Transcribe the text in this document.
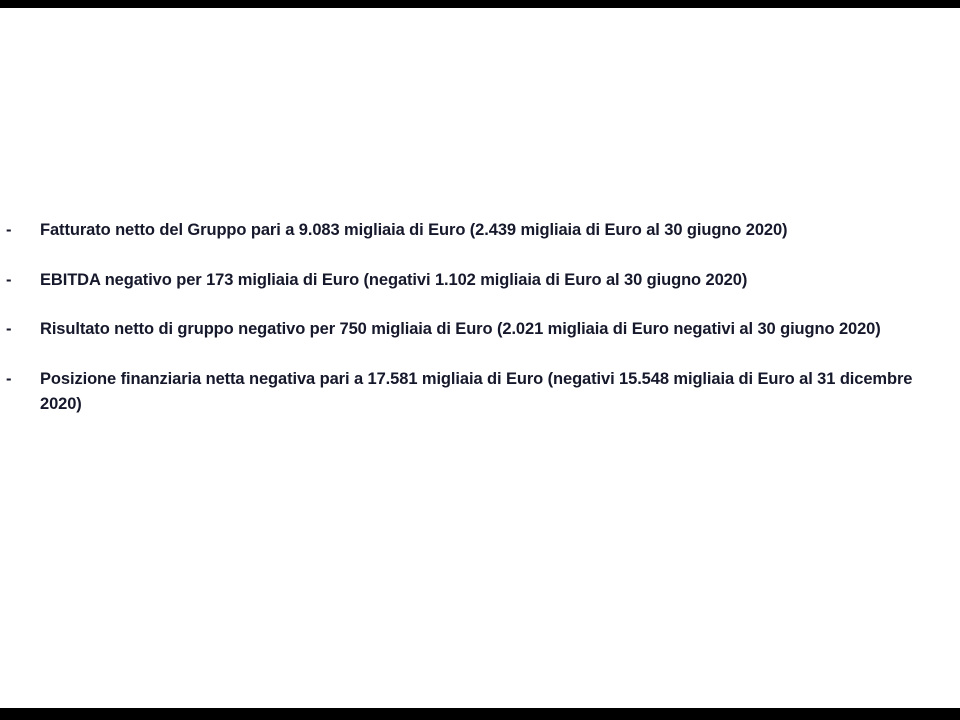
-	Fatturato netto del Gruppo pari a 9.083 migliaia di Euro (2.439 migliaia di Euro al 30 giugno 2020)
-	EBITDA negativo per 173 migliaia di Euro (negativi 1.102 migliaia di Euro al 30 giugno 2020)
-	Risultato netto di gruppo negativo per 750 migliaia di Euro (2.021 migliaia di Euro negativi al 30 giugno 2020)
-	Posizione finanziaria netta negativa pari a 17.581 migliaia di Euro (negativi 15.548 migliaia di Euro al 31 dicembre 2020)
